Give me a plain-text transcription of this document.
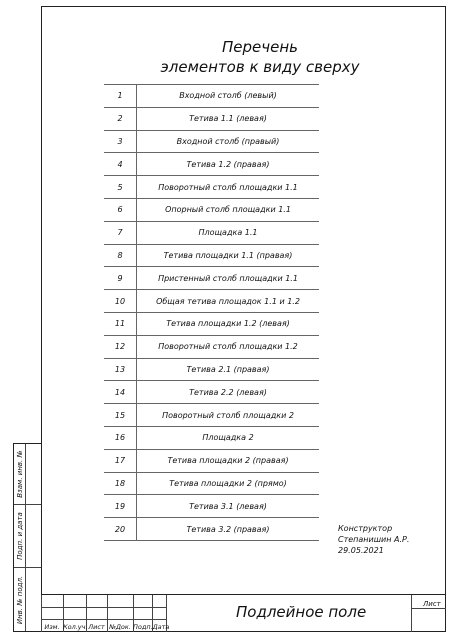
Перечень
элементов к виду сверху
1	Входной столб (левый)
2	Тетива 1.1 (левая)
3	Входной столб (правый)
4	Тетива 1.2 (правая)
5	Поворотный столб площадки 1.1
6	Опорный столб площадки 1.1
7	Площадка 1.1
8	Тетива площадки 1.1 (правая)
9	Пристенный столб площадки 1.1
10	Общая тетива площадок 1.1 и 1.2
11	Тетива площадки 1.2 (левая)
12	Поворотный столб площадки 1.2
13	Тетива 2.1 (правая)
14	Тетива 2.2 (левая)
15	Поворотный столб площадки 2
16	Площадка 2
17	Тетива площадки 2 (правая)
18	Тетива площадки 2 (прямо)
19	Тетива 3.1 (левая)
20	Тетива 3.2 (правая)	Конструктор
Степанишин А.Р.
29.05.2021
Взам. инв. №
Подп. и дата
Инв. № подл.
Изм. Кол.уч. Лист №Док. Подп. Дата
Подлейное поле	Лист
